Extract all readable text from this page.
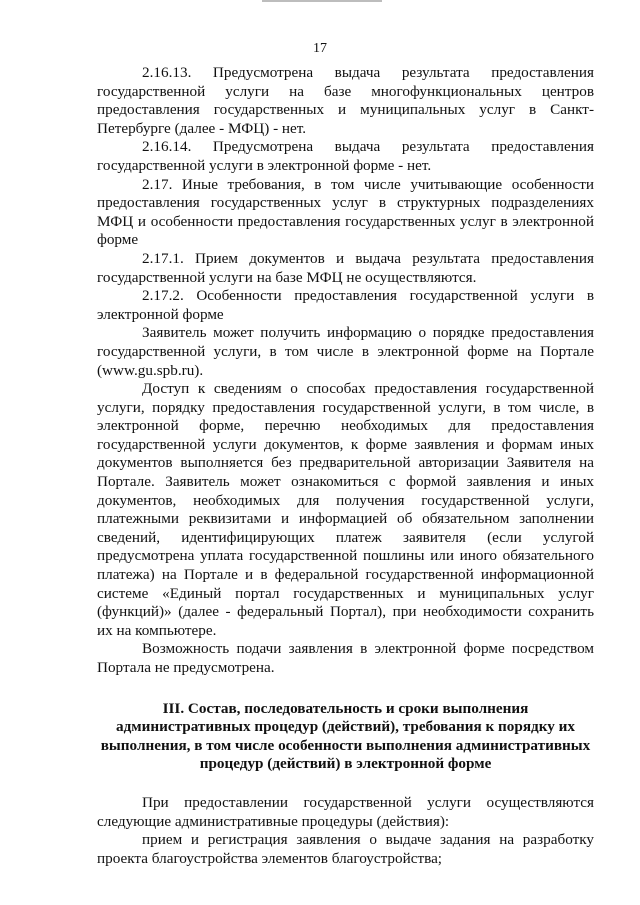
17

2.16.13. Предусмотрена выдача результата предоставления государственной услуги на базе многофункциональных центров предоставления государственных и муниципальных услуг в Санкт-Петербурге (далее - МФЦ) - нет.

2.16.14. Предусмотрена выдача результата предоставления государственной услуги в электронной форме - нет.

2.17. Иные требования, в том числе учитывающие особенности предоставления государственных услуг в структурных подразделениях МФЦ и особенности предоставления государственных услуг в электронной форме

2.17.1. Прием документов и выдача результата предоставления государственной услуги на базе МФЦ не осуществляются.

2.17.2. Особенности предоставления государственной услуги в электронной форме

Заявитель может получить информацию о порядке предоставления государственной услуги, в том числе в электронной форме на Портале (www.gu.spb.ru).

Доступ к сведениям о способах предоставления государственной услуги, порядку предоставления государственной услуги, в том числе, в электронной форме, перечню необходимых для предоставления государственной услуги документов, к форме заявления и формам иных документов выполняется без предварительной авторизации Заявителя на Портале. Заявитель может ознакомиться с формой заявления и иных документов, необходимых для получения государственной услуги, платежными реквизитами и информацией об обязательном заполнении сведений, идентифицирующих платеж заявителя (если услугой предусмотрена уплата государственной пошлины или иного обязательного платежа) на Портале и в федеральной государственной информационной системе «Единый портал государственных и муниципальных услуг (функций)» (далее - федеральный Портал), при необходимости сохранить их на компьютере.

Возможность подачи заявления в электронной форме посредством Портала не предусмотрена.

III. Состав, последовательность и сроки выполнения административных процедур (действий), требования к порядку их выполнения, в том числе особенности выполнения административных процедур (действий) в электронной форме

При предоставлении государственной услуги осуществляются следующие административные процедуры (действия):

прием и регистрация заявления о выдаче задания на разработку проекта благоустройства элементов благоустройства;
